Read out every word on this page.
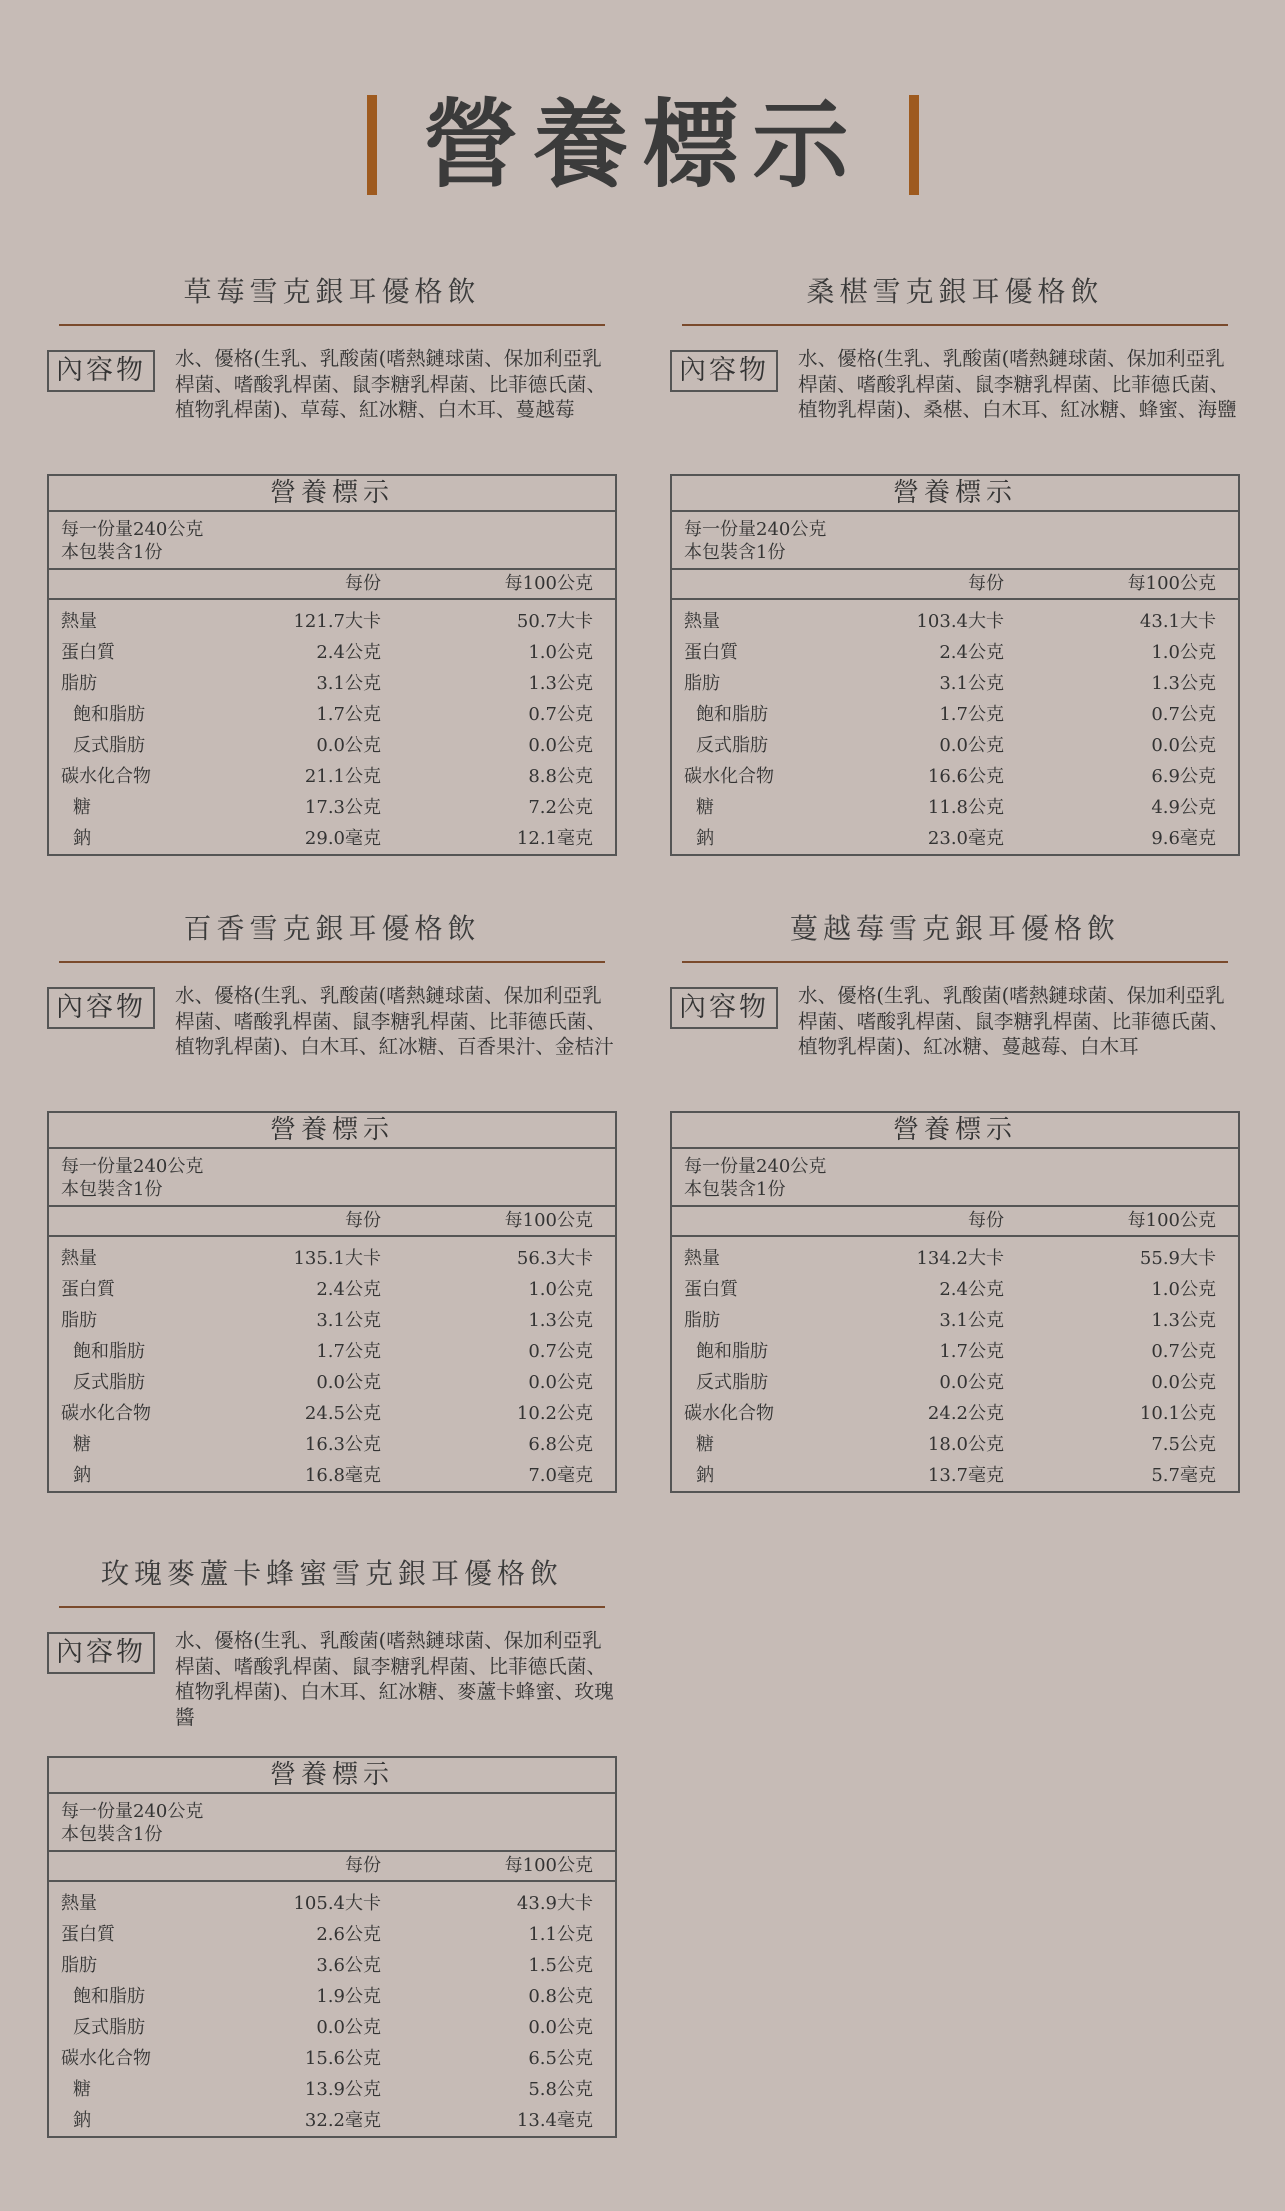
營養標示
草莓雪克銀耳優格飲
內容物	水、優格(生乳、乳酸菌(嗜熱鏈球菌、保加利亞乳桿菌、嗜酸乳桿菌、鼠李糖乳桿菌、比菲德氏菌、植物乳桿菌)、草莓、紅冰糖、白木耳、蔓越莓
營養標示
每一份量240公克
本包裝含1份
每份	每100公克
熱量	121.7大卡	50.7大卡
蛋白質	2.4公克	1.0公克
脂肪	3.1公克	1.3公克
飽和脂肪	1.7公克	0.7公克
反式脂肪	0.0公克	0.0公克
碳水化合物	21.1公克	8.8公克
糖	17.3公克	7.2公克
鈉	29.0毫克	12.1毫克
桑椹雪克銀耳優格飲
內容物	水、優格(生乳、乳酸菌(嗜熱鏈球菌、保加利亞乳桿菌、嗜酸乳桿菌、鼠李糖乳桿菌、比菲德氏菌、植物乳桿菌)、桑椹、白木耳、紅冰糖、蜂蜜、海鹽
營養標示
每一份量240公克
本包裝含1份
每份	每100公克
熱量	103.4大卡	43.1大卡
蛋白質	2.4公克	1.0公克
脂肪	3.1公克	1.3公克
飽和脂肪	1.7公克	0.7公克
反式脂肪	0.0公克	0.0公克
碳水化合物	16.6公克	6.9公克
糖	11.8公克	4.9公克
鈉	23.0毫克	9.6毫克
百香雪克銀耳優格飲
內容物	水、優格(生乳、乳酸菌(嗜熱鏈球菌、保加利亞乳桿菌、嗜酸乳桿菌、鼠李糖乳桿菌、比菲德氏菌、植物乳桿菌)、白木耳、紅冰糖、百香果汁、金桔汁
營養標示
每一份量240公克
本包裝含1份
每份	每100公克
熱量	135.1大卡	56.3大卡
蛋白質	2.4公克	1.0公克
脂肪	3.1公克	1.3公克
飽和脂肪	1.7公克	0.7公克
反式脂肪	0.0公克	0.0公克
碳水化合物	24.5公克	10.2公克
糖	16.3公克	6.8公克
鈉	16.8毫克	7.0毫克
蔓越莓雪克銀耳優格飲
內容物	水、優格(生乳、乳酸菌(嗜熱鏈球菌、保加利亞乳桿菌、嗜酸乳桿菌、鼠李糖乳桿菌、比菲德氏菌、植物乳桿菌)、紅冰糖、蔓越莓、白木耳
營養標示
每一份量240公克
本包裝含1份
每份	每100公克
熱量	134.2大卡	55.9大卡
蛋白質	2.4公克	1.0公克
脂肪	3.1公克	1.3公克
飽和脂肪	1.7公克	0.7公克
反式脂肪	0.0公克	0.0公克
碳水化合物	24.2公克	10.1公克
糖	18.0公克	7.5公克
鈉	13.7毫克	5.7毫克
玫瑰麥蘆卡蜂蜜雪克銀耳優格飲
內容物	水、優格(生乳、乳酸菌(嗜熱鏈球菌、保加利亞乳桿菌、嗜酸乳桿菌、鼠李糖乳桿菌、比菲德氏菌、植物乳桿菌)、白木耳、紅冰糖、麥蘆卡蜂蜜、玫瑰醬
營養標示
每一份量240公克
本包裝含1份
每份	每100公克
熱量	105.4大卡	43.9大卡
蛋白質	2.6公克	1.1公克
脂肪	3.6公克	1.5公克
飽和脂肪	1.9公克	0.8公克
反式脂肪	0.0公克	0.0公克
碳水化合物	15.6公克	6.5公克
糖	13.9公克	5.8公克
鈉	32.2毫克	13.4毫克
